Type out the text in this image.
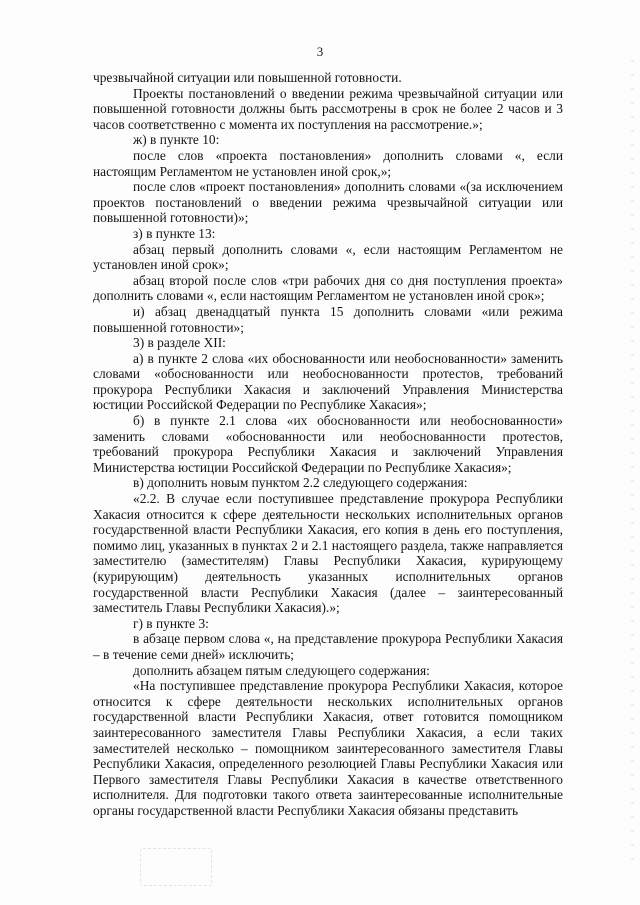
3

чрезвычайной ситуации или повышенной готовности.

Проекты постановлений о введении режима чрезвычайной ситуации или повышенной готовности должны быть рассмотрены в срок не более 2 часов и 3 часов соответственно с момента их поступления на рассмотрение.»;

ж) в пункте 10:

после слов «проекта постановления» дополнить словами «, если настоящим Регламентом не установлен иной срок,»;

после слов «проект постановления» дополнить словами «(за исключением проектов постановлений о введении режима чрезвычайной ситуации или повышенной готовности)»;

з) в пункте 13:

абзац первый дополнить словами «, если настоящим Регламентом не установлен иной срок»;

абзац второй после слов «три рабочих дня со дня поступления проекта» дополнить словами «, если настоящим Регламентом не установлен иной срок»;

и) абзац двенадцатый пункта 15 дополнить словами «или режима повышенной готовности»;

3) в разделе XII:

а) в пункте 2 слова «их обоснованности или необоснованности» заменить словами «обоснованности или необоснованности протестов, требований прокурора Республики Хакасия и заключений Управления Министерства юстиции Российской Федерации по Республике Хакасия»;

б) в пункте 2.1 слова «их обоснованности или необоснованности» заменить словами «обоснованности или необоснованности протестов, требований прокурора Республики Хакасия и заключений Управления Министерства юстиции Российской Федерации по Республике Хакасия»;

в) дополнить новым пунктом 2.2 следующего содержания:

«2.2. В случае если поступившее представление прокурора Республики Хакасия относится к сфере деятельности нескольких исполнительных органов государственной власти Республики Хакасия, его копия в день его поступления, помимо лиц, указанных в пунктах 2 и 2.1 настоящего раздела, также направляется заместителю (заместителям) Главы Республики Хакасия, курирующему (курирующим) деятельность указанных исполнительных органов государственной власти Республики Хакасия (далее – заинтересованный заместитель Главы Республики Хакасия).»;

г) в пункте 3:

в абзаце первом слова «, на представление прокурора Республики Хакасия – в течение семи дней» исключить;

дополнить абзацем пятым следующего содержания:

«На поступившее представление прокурора Республики Хакасия, которое относится к сфере деятельности нескольких исполнительных органов государственной власти Республики Хакасия, ответ готовится помощником заинтересованного заместителя Главы Республики Хакасия, а если таких заместителей несколько – помощником заинтересованного заместителя Главы Республики Хакасия, определенного резолюцией Главы Республики Хакасия или Первого заместителя Главы Республики Хакасия в качестве ответственного исполнителя. Для подготовки такого ответа заинтересованные исполнительные органы государственной власти Республики Хакасия обязаны представить
